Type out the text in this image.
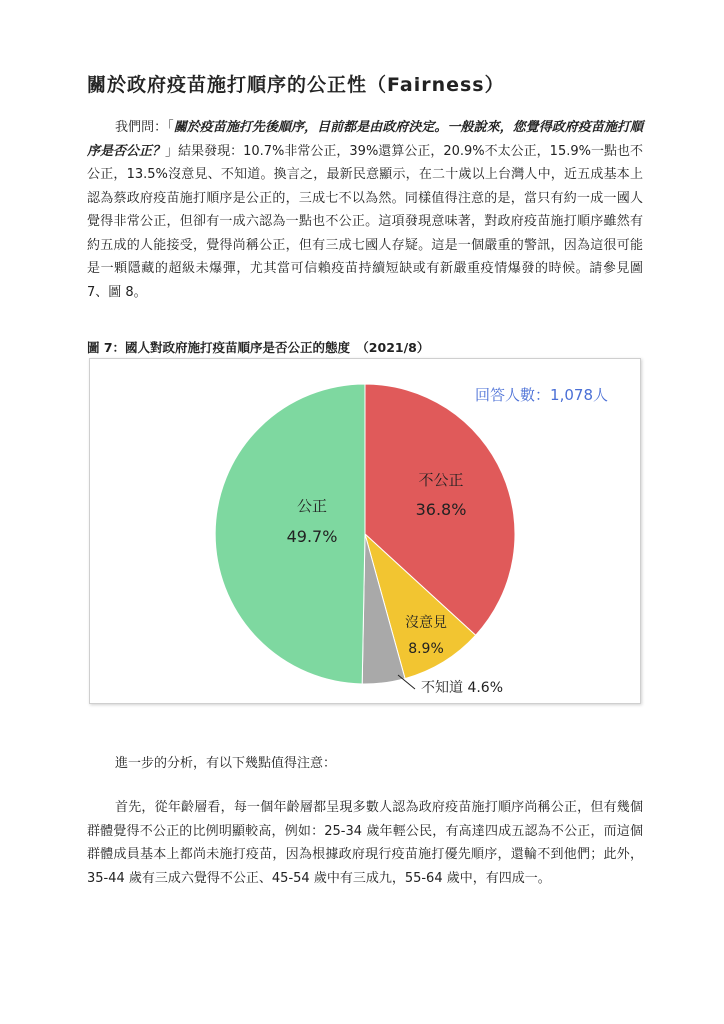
關於政府疫苗施打順序的公正性（Fairness）

我們問：「關於疫苗施打先後順序，目前都是由政府決定。一般說來，您覺得政府疫苗施打順序是否公正？」結果發現：10.7%非常公正，39%還算公正，20.9%不太公正，15.9%一點也不公正，13.5%沒意見、不知道。換言之，最新民意顯示，在二十歲以上台灣人中，近五成基本上認為蔡政府疫苗施打順序是公正的，三成七不以為然。同樣值得注意的是，當只有約一成一國人覺得非常公正，但卻有一成六認為一點也不公正。這項發現意味著，對政府疫苗施打順序雖然有約五成的人能接受，覺得尚稱公正，但有三成七國人存疑。這是一個嚴重的警訊，因為這很可能是一顆隱藏的超級未爆彈，尤其當可信賴疫苗持續短缺或有新嚴重疫情爆發的時候。請參見圖 7、圖 8。

圖 7：國人對政府施打疫苗順序是否公正的態度　（2021/8）

回答人數：1,078人
不公正
36.8%
公正
49.7%
沒意見
8.9%
不知道 4.6%

進一步的分析，有以下幾點值得注意：

首先，從年齡層看，每一個年齡層都呈現多數人認為政府疫苗施打順序尚稱公正，但有幾個群體覺得不公正的比例明顯較高，例如：25-34 歲年輕公民，有高達四成五認為不公正，而這個群體成員基本上都尚未施打疫苗，因為根據政府現行疫苗施打優先順序，還輪不到他們；此外，35-44 歲有三成六覺得不公正、45-54 歲中有三成九，55-64 歲中，有四成一。
